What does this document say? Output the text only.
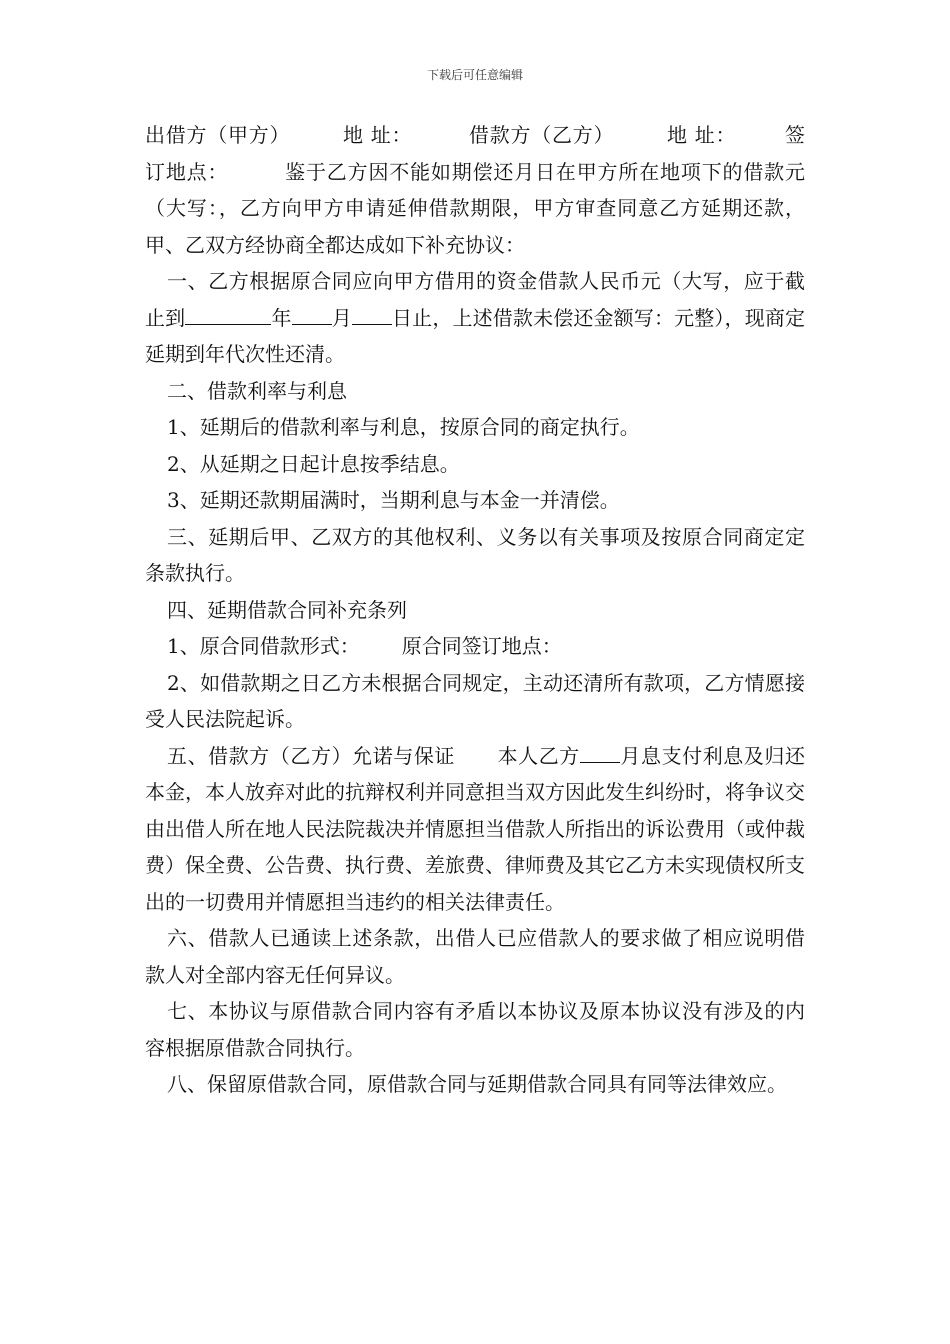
下载后可任意编辑

出借方（甲方）	地 址：	借款方（乙方）	地 址： 签订地点：	鉴于乙方因不能如期偿还月日在甲方所在地项下的借款元（大写：，乙方向甲方申请延伸借款期限，甲方审查同意乙方延期还款，甲、乙双方经协商全都达成如下补充协议：

一、乙方根据原合同应向甲方借用的资金借款人民币元（大写，应于截止到	年 月 日止，上述借款未偿还金额写：元整），现商定延期到年代次性还清。

二、借款利率与利息

1、延期后的借款利率与利息，按原合同的商定执行。

2、从延期之日起计息按季结息。

3、延期还款期届满时，当期利息与本金一并清偿。

三、延期后甲、乙双方的其他权利、义务以有关事项及按原合同商定定条款执行。

四、延期借款合同补充条列

1、原合同借款形式： 原合同签订地点：

2、如借款期之日乙方未根据合同规定，主动还清所有款项，乙方情愿接受人民法院起诉。

五、借款方（乙方）允诺与保证 本人乙方 月息支付利息及归还本金，本人放弃对此的抗辩权利并同意担当双方因此发生纠纷时，将争议交由出借人所在地人民法院裁决并情愿担当借款人所指出的诉讼费用（或仲裁费）保全费、公告费、执行费、差旅费、律师费及其它乙方未实现债权所支出的一切费用并情愿担当违约的相关法律责任。

六、借款人已通读上述条款，出借人已应借款人的要求做了相应说明借款人对全部内容无任何异议。

七、本协议与原借款合同内容有矛盾以本协议及原本协议没有涉及的内容根据原借款合同执行。

八、保留原借款合同，原借款合同与延期借款合同具有同等法律效应。
